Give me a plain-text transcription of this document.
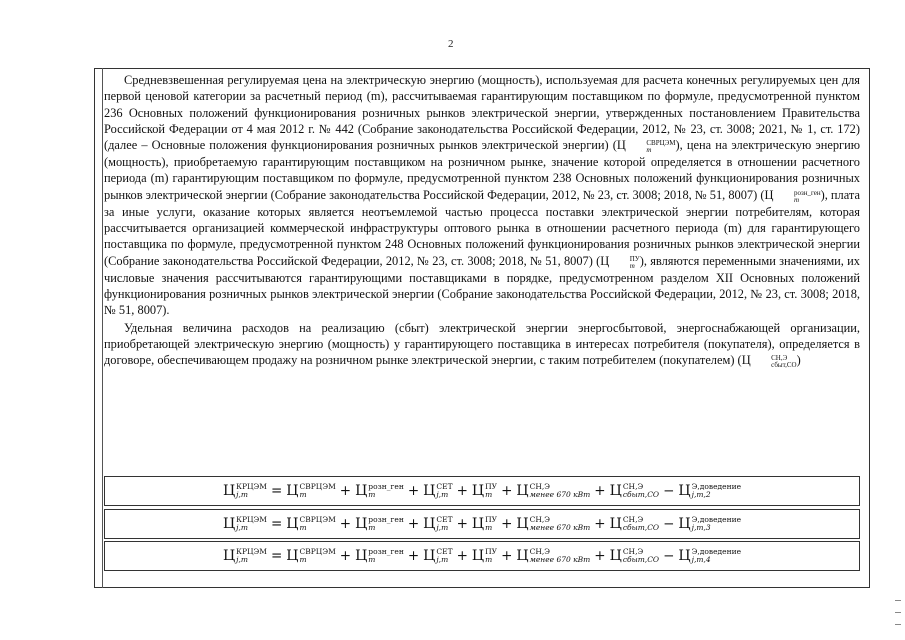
2

Средневзвешенная регулируемая цена на электрическую энергию (мощность), используемая для расчета конечных регулируемых цен для первой ценовой категории за расчетный период (m), рассчитываемая гарантирующим поставщиком по формуле, предусмотренной пунктом 236 Основных положений функционирования розничных рынков электрической энергии, утвержденных постановлением Правительства Российской Федерации от 4 мая 2012 г. № 442 (Собрание законодательства Российской Федерации, 2012, № 23, ст. 3008; 2021, № 1, ст. 172) (далее – Основные положения функционирования розничных рынков электрической энергии) (Ц	СВРЦЭМ
m	), цена на электрическую энергию (мощность), приобретаемую гарантирующим поставщиком на розничном рынке, значение которой определяется в отношении расчетного периода (m) гарантирующим поставщиком по формуле, предусмотренной пунктом 238 Основных положений функционирования розничных рынков электрической энергии (Собрание законодательства Российской Федерации, 2012, № 23, ст. 3008; 2018, № 51, 8007) (Ц	розн_ген
m	), плата за иные услуги, оказание которых является неотъемлемой частью процесса поставки электрической энергии потребителям, которая рассчитывается организацией коммерческой инфраструктуры оптового рынка в отношении расчетного периода (m) для гарантирующего поставщика по формуле, предусмотренной пунктом 248 Основных положений функционирования розничных рынков электрической энергии (Собрание законодательства Российской Федерации, 2012, № 23, ст. 3008; 2018, № 51, 8007) (Ц	ПУ
m ), являются переменными значениями, их числовые значения рассчитываются гарантирующими поставщиками в порядке, предусмотренном разделом XII Основных положений функционирования розничных рынков электрической энергии (Собрание законодательства Российской Федерации, 2012, № 23, ст. 3008; 2018, № 51, 8007).

Удельная величина расходов на реализацию (сбыт) электрической энергии энергосбытовой, энергоснабжающей организации, приобретающей электрическую энергию (мощность) у гарантирующего поставщика в интересах потребителя (покупателя), определяется в договоре, обеспечивающем продажу на розничном рынке электрической энергии, с таким потребителем (покупателем) (Ц	СН,Э
сбыт,СО )

Ц КРЦЭМ
j,m	= Ц СВРЦЭМ
m	+ Ц розн_ген
m	+ Ц СЕТ
j,m + Ц ПУ
m + Ц СН,Э
менее 670 кВт + Ц СН,Э
сбыт,СО − Ц Э,доведение
j,m,2
Ц КРЦЭМ
j,m	= Ц СВРЦЭМ
m	+ Ц розн_ген
m	+ Ц СЕТ
j,m + Ц ПУ
m + Ц СН,Э
менее 670 кВт + Ц СН,Э
сбыт,СО − Ц Э,доведение
j,m,3
Ц КРЦЭМ
j,m	= Ц СВРЦЭМ
m	+ Ц розн_ген
m	+ Ц СЕТ
j,m + Ц ПУ
m + Ц СН,Э
менее 670 кВт + Ц СН,Э
сбыт,СО − Ц Э,доведение
j,m,4
